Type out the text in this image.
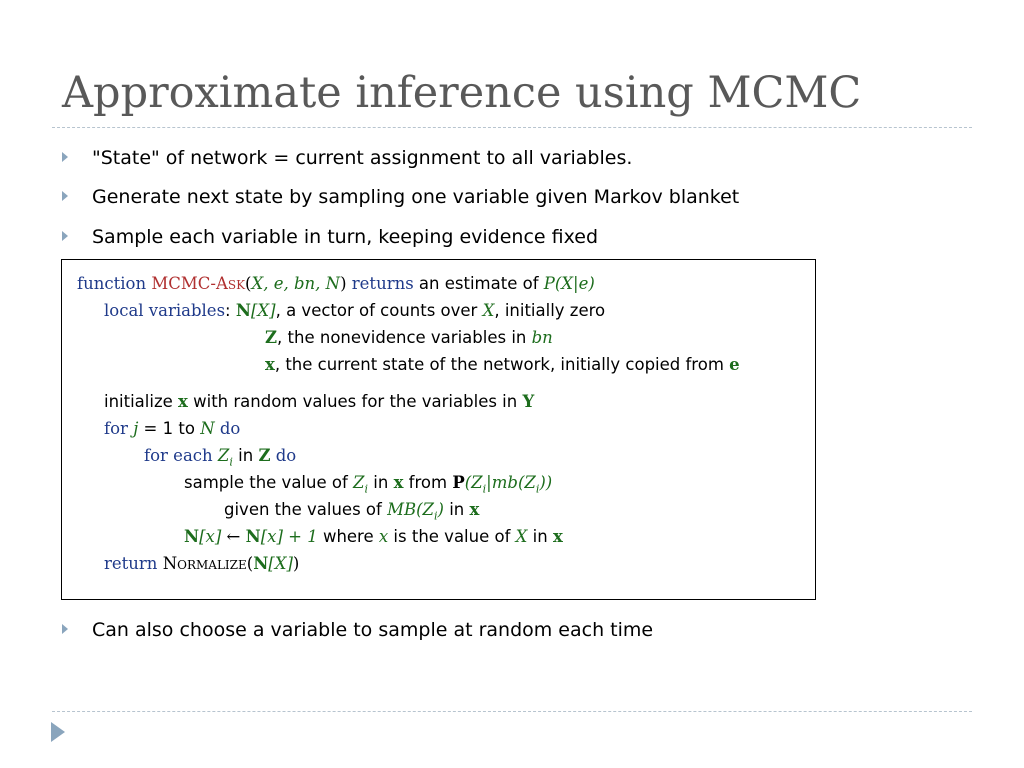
Approximate inference using MCMC
"State" of network = current assignment to all variables.
Generate next state by sampling one variable given Markov blanket
Sample each variable in turn, keeping evidence fixed
function MCMC-Ask(X, e, bn, N) returns an estimate of P(X|e)
local variables: N[X], a vector of counts over X, initially zero
Z, the nonevidence variables in bn
x, the current state of the network, initially copied from e
initialize x with random values for the variables in Y
for j = 1 to N do
for each $Z_i$ in Z do
sample the value of $Z_i$ in x from $P(Z_i|mb(Z_i))$
given the values of $MB(Z_i)$ in x
N[x] ← N[x] + 1 where x is the value of X in x
return Normalize(N[X])
Can also choose a variable to sample at random each time
